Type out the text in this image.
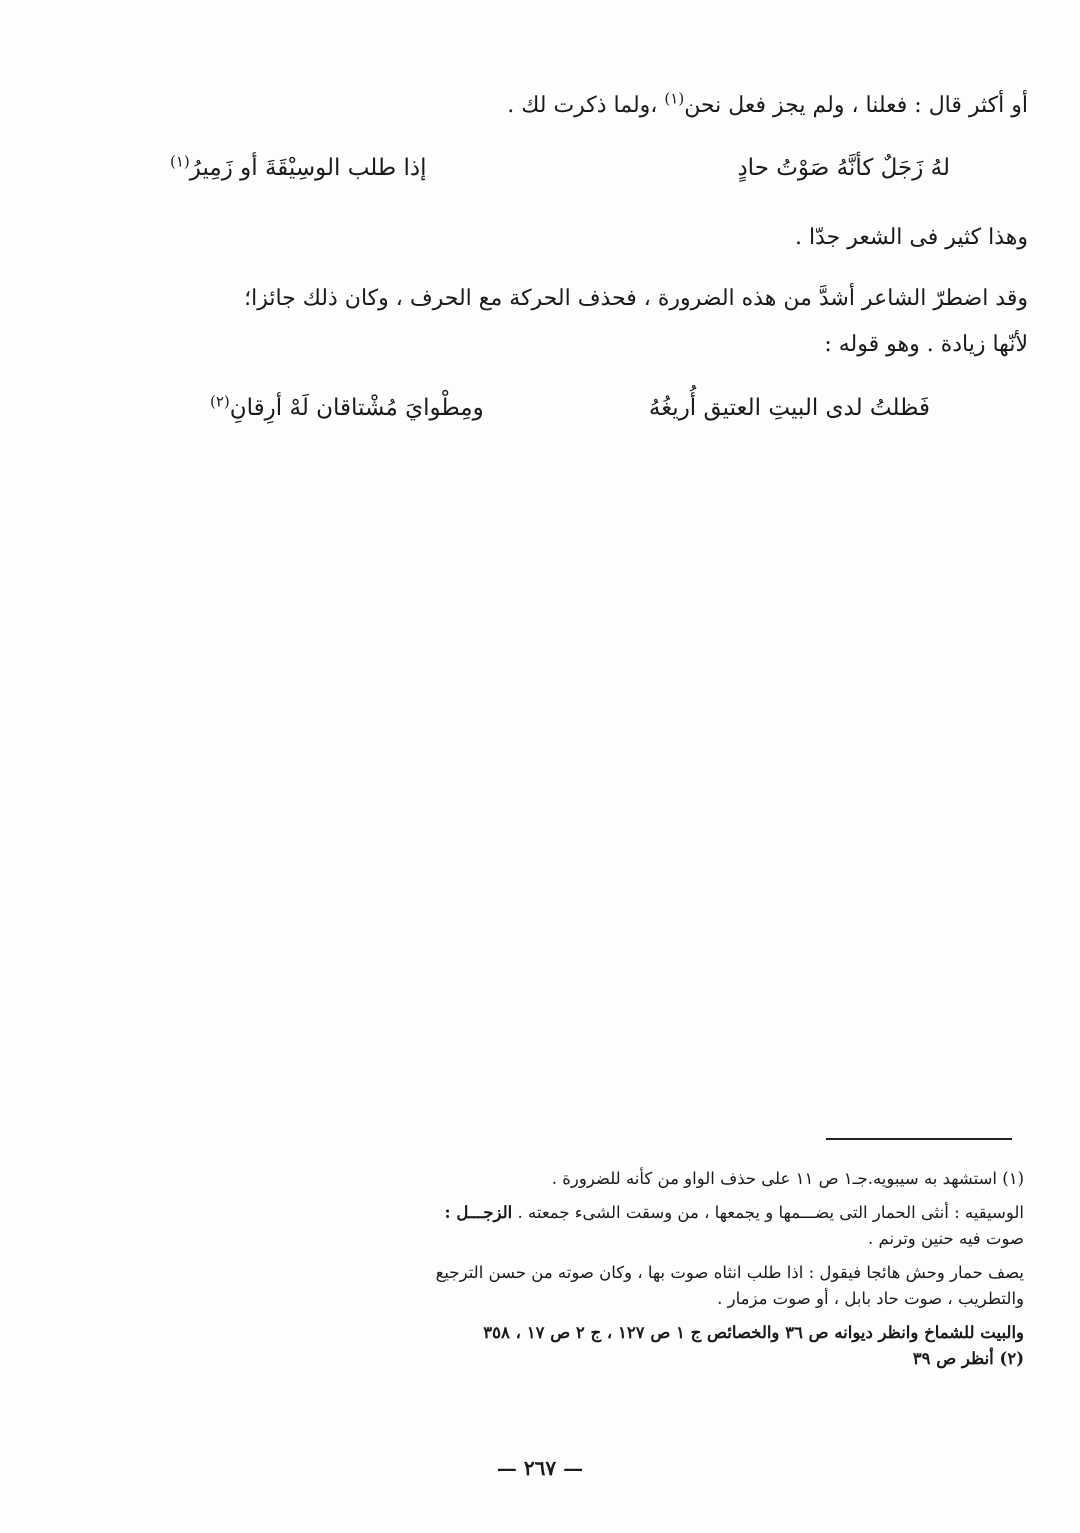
أو أكثر قال : فعلنا ، ولم يجز فعل نحن$^{(١)}$ ،ولما ذكرت لك .
لهُ زَجَلٌ كأنَّهُ صَوْتُ حادٍ
إذا طلب الوسِيْقَةَ أو زَمِيرُ$^{(١)}$
وهذا كثير فى الشعر جدّا .
وقد اضطرّ الشاعر أشدَّ من هذه الضرورة ، فحذف الحركة مع الحرف ، وكان ذلك جائزا؛
لأنّها زيادة . وهو قوله :
فَظلتُ لدى البيتِ العتيق أُريغُهُ
ومِطْوايَ مُشْتاقان لَهْ أرِقانِ$^{(٢)}$
(١) استشهد به سيبويه.جـ١ ص ١١ على حذف الواو من كأنه للضرورة .
الوسيقيه : أنثى الحمار التى يضـــمها و يجمعها ، من وسقت الشىء جمعته . الزجـــل :
صوت فيه حنين وترنم .
يصف حمار وحش هائجا فيقول : اذا طلب انثاه صوت بها ، وكان صوته من حسن الترجيع
والتطريب ، صوت حاد بابل ، أو صوت مزمار .
والبيت للشماخ وانظر ديوانه ص ٣٦ والخصائص ج ١ ص ١٢٧ ، ج ٢ ص ١٧ ، ٣٥٨
(٢) أنظر ص ٣٩
— ٢٦٧ —
